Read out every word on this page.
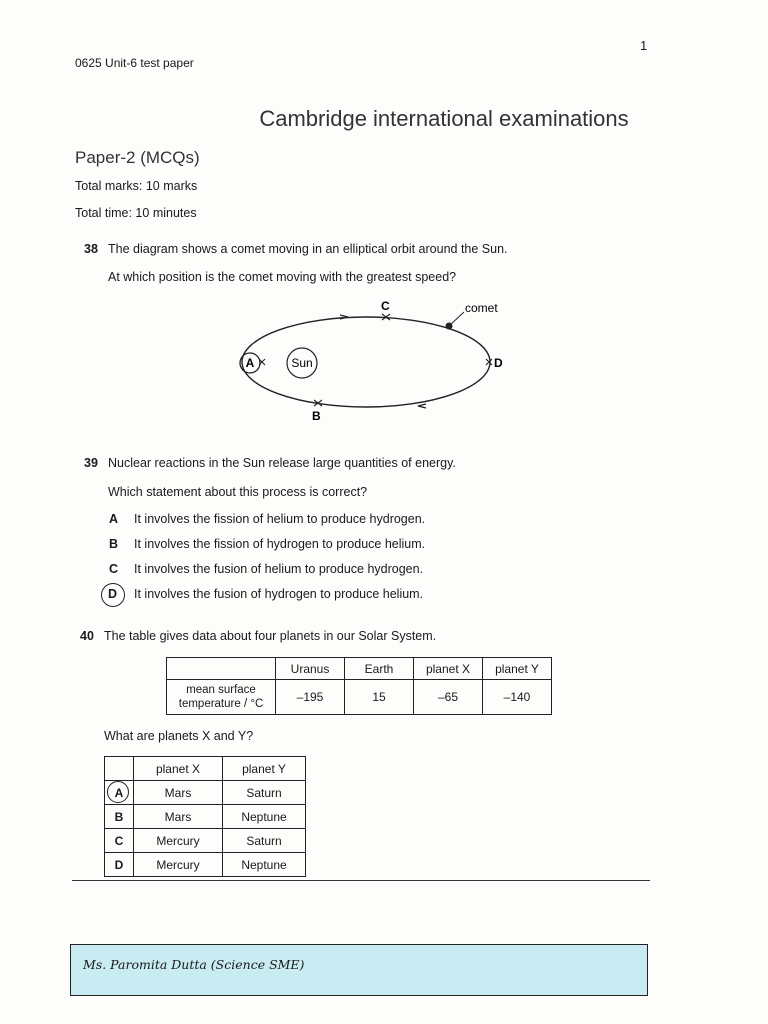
1
0625 Unit-6 test paper
Cambridge international examinations
Paper-2 (MCQs)
Total marks: 10 marks
Total time: 10 minutes
38 The diagram shows a comet moving in an elliptical orbit around the Sun.
At which position is the comet moving with the greatest speed?
comet
Sun
C
B
D
A
39 Nuclear reactions in the Sun release large quantities of energy.
Which statement about this process is correct?
A It involves the fission of helium to produce hydrogen.
B It involves the fission of hydrogen to produce helium.
C It involves the fusion of helium to produce hydrogen.
D It involves the fusion of hydrogen to produce helium.
40 The table gives data about four planets in our Solar System.
	Uranus	Earth	planet X	planet Y

mean surface
temperature / °C	–195	15	–65	–140
What are planets X and Y?
	planet X	planet Y

A	Mars	Saturn
B	Mars	Neptune
C	Mercury	Saturn
D	Mercury	Neptune
Ms. Paromita Dutta (Science SME)
